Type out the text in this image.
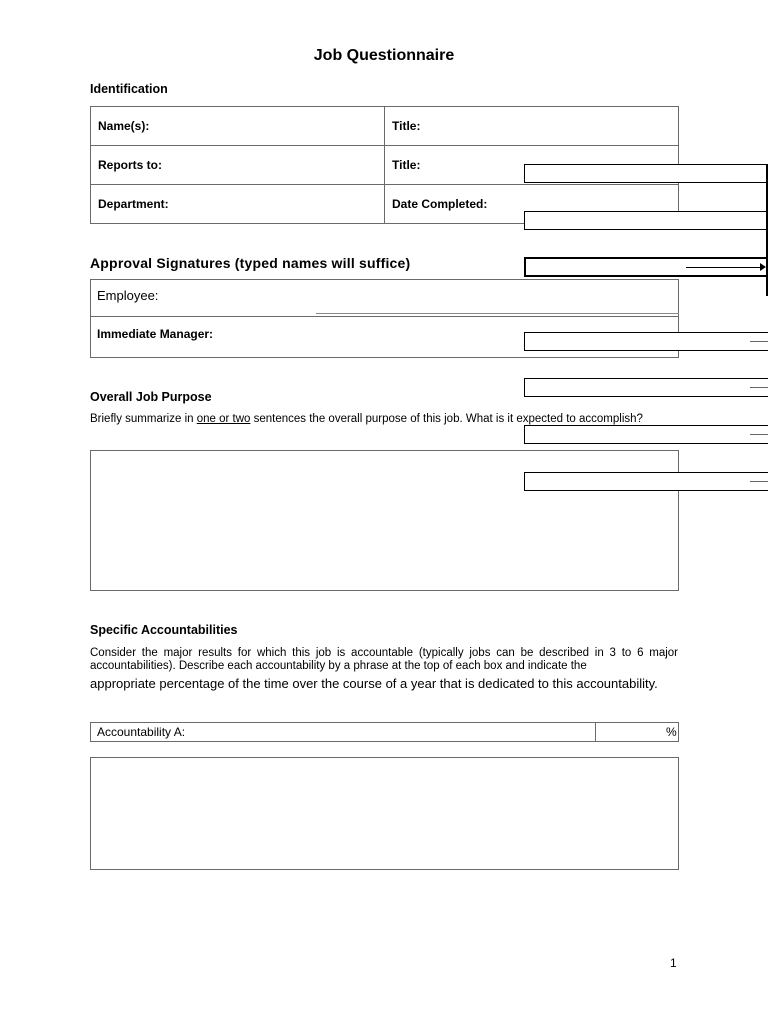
Job Questionnaire
Identification
Name(s):	Title:
Reports to:	Title:
Department:	Date Completed:
Approval Signatures (typed names will suffice)
Employee:
Immediate Manager:
Overall Job Purpose
Briefly summarize in one or two sentences the overall purpose of this job. What is it expected to accomplish?
Specific Accountabilities
Consider the major results for which this job is accountable (typically jobs can be described in 3 to 6 major accountabilities). Describe each accountability by a phrase at the top of each box and indicate the
appropriate percentage of the time over the course of a year that is dedicated to this accountability.
Accountability A:	%
1
